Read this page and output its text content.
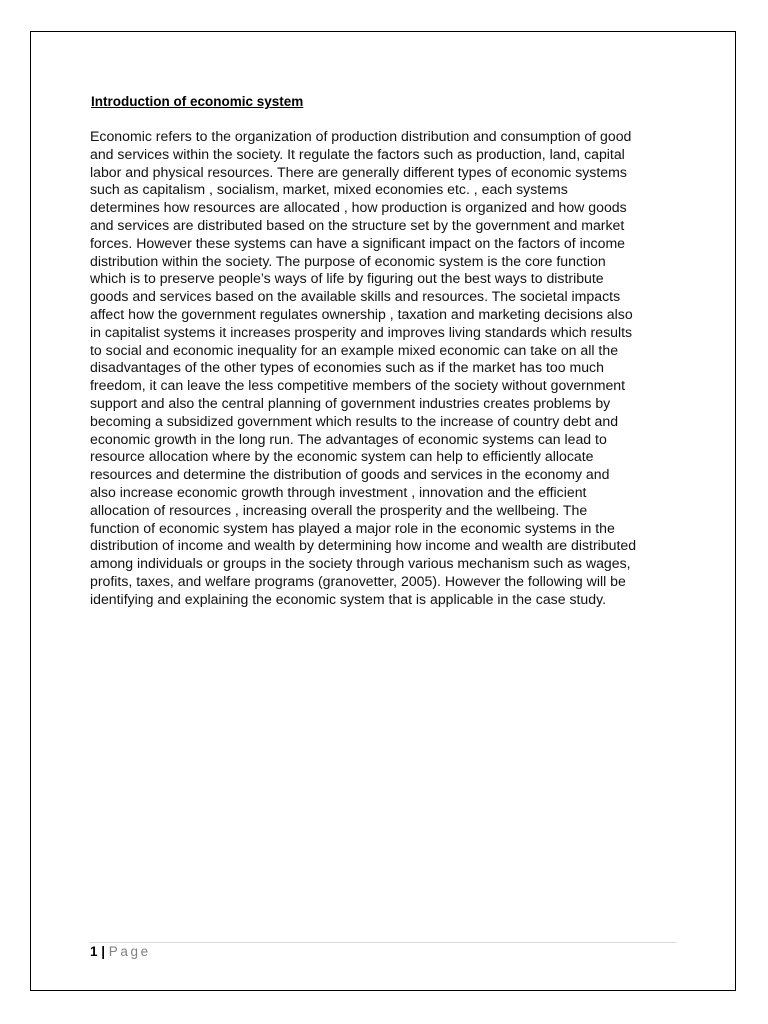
Introduction of economic system
Economic refers to the organization of production distribution and consumption of good
and services within the society. It regulate the factors such as production, land, capital
labor and physical resources. There are generally different types of economic systems
such as capitalism , socialism, market, mixed economies etc. , each systems
determines how resources are allocated , how production is organized and how goods
and services are distributed based on the structure set by the government and market
forces. However these systems can have a significant impact on the factors of income
distribution within the society. The purpose of economic system is the core function
which is to preserve people’s ways of life by figuring out the best ways to distribute
goods and services based on the available skills and resources. The societal impacts
affect how the government regulates ownership , taxation and marketing decisions also
in capitalist systems it increases prosperity and improves living standards which results
to social and economic inequality for an example mixed economic can take on all the
disadvantages of the other types of economies such as if the market has too much
freedom, it can leave the less competitive members of the society without government
support and also the central planning of government industries creates problems by
becoming a subsidized government which results to the increase of country debt and
economic growth in the long run. The advantages of economic systems can lead to
resource allocation where by the economic system can help to efficiently allocate
resources and determine the distribution of goods and services in the economy and
also increase economic growth through investment , innovation and the efficient
allocation of resources , increasing overall the prosperity and the wellbeing. The
function of economic system has played a major role in the economic systems in the
distribution of income and wealth by determining how income and wealth are distributed
among individuals or groups in the society through various mechanism such as wages,
profits, taxes, and welfare programs (granovetter, 2005). However the following will be
identifying and explaining the economic system that is applicable in the case study.
1 | Page
